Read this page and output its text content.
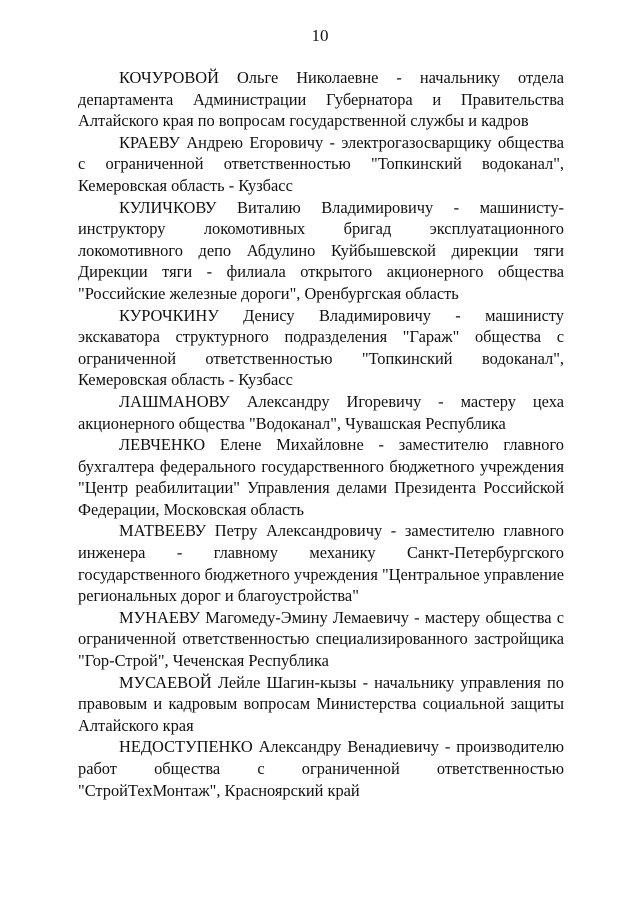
10

КОЧУРОВОЙ Ольге Николаевне - начальнику отдела департамента Администрации Губернатора и Правительства Алтайского края по вопросам государственной службы и кадров

КРАЕВУ Андрею Егоровичу - электрогазосварщику общества с ограниченной ответственностью "Топкинский водоканал", Кемеровская область - Кузбасс

КУЛИЧКОВУ Виталию Владимировичу - машинисту-инструктору локомотивных бригад эксплуатационного локомотивного депо Абдулино Куйбышевской дирекции тяги Дирекции тяги - филиала открытого акционерного общества "Российские железные дороги", Оренбургская область

КУРОЧКИНУ Денису Владимировичу - машинисту экскаватора структурного подразделения "Гараж" общества с ограниченной ответственностью "Топкинский водоканал", Кемеровская область - Кузбасс

ЛАШМАНОВУ Александру Игоревичу - мастеру цеха акционерного общества "Водоканал", Чувашская Республика

ЛЕВЧЕНКО Елене Михайловне - заместителю главного бухгалтера федерального государственного бюджетного учреждения "Центр реабилитации" Управления делами Президента Российской Федерации, Московская область

МАТВЕЕВУ Петру Александровичу - заместителю главного инженера - главному механику Санкт-Петербургского государственного бюджетного учреждения "Центральное управление региональных дорог и благоустройства"

МУНАЕВУ Магомеду-Эмину Лемаевичу - мастеру общества с ограниченной ответственностью специализированного застройщика "Гор-Строй", Чеченская Республика

МУСАЕВОЙ Лейле Шагин-кызы - начальнику управления по правовым и кадровым вопросам Министерства социальной защиты Алтайского края

НЕДОСТУПЕНКО Александру Венадиевичу - производителю работ общества с ограниченной ответственностью "СтройТехМонтаж", Красноярский край
